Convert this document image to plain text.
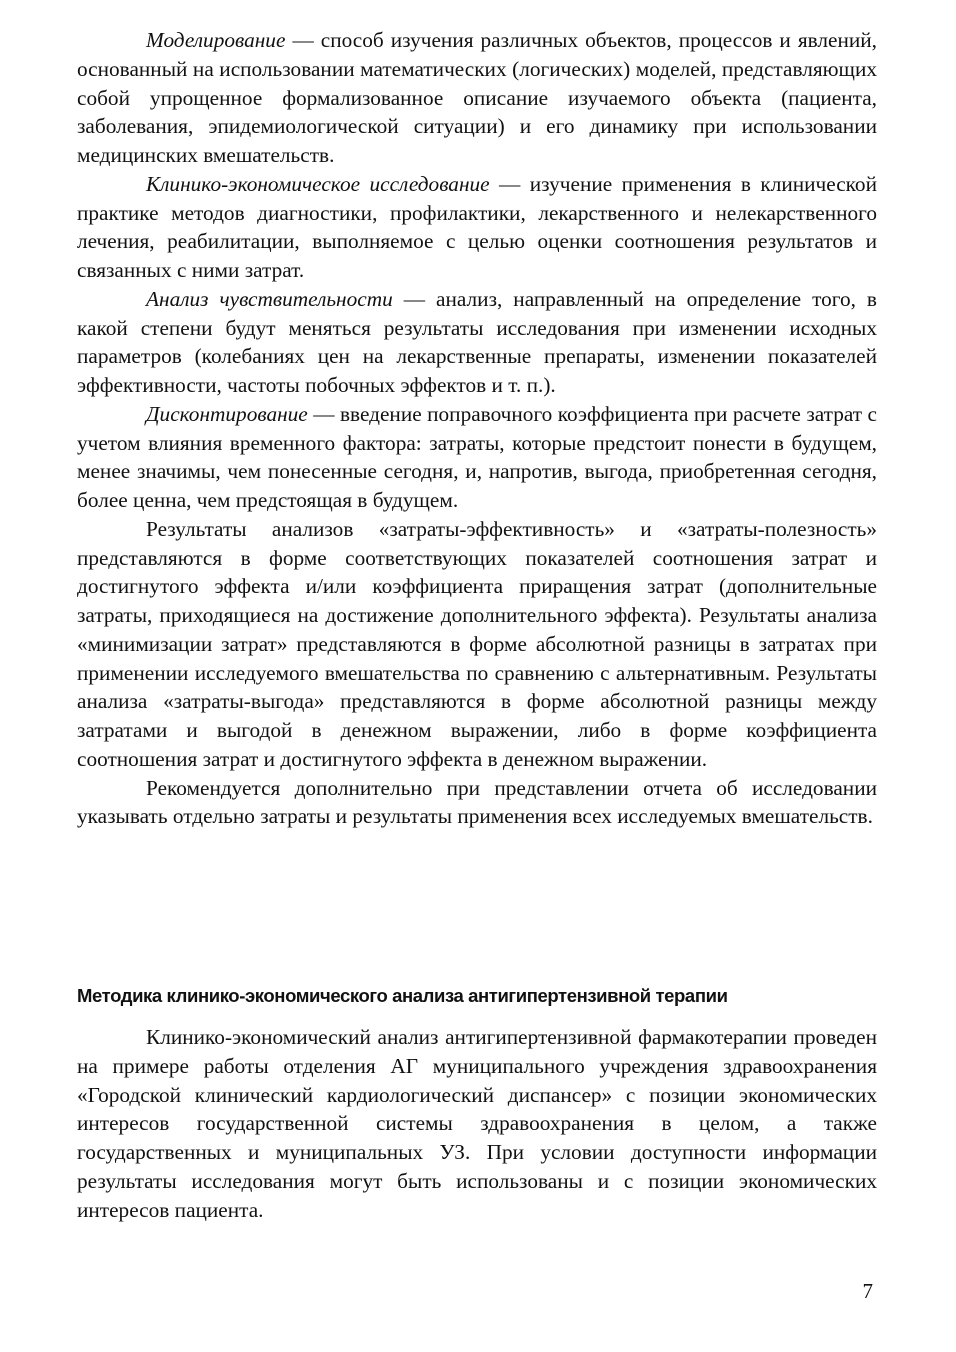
Моделирование — способ изучения различных объектов, процессов и явлений, основанный на использовании математических (логических) моделей, представляющих собой упрощенное формализованное описание изучаемого объекта (пациента, заболевания, эпидемиологической ситуации) и его динамику при использовании медицинских вмешательств.

Клинико-экономическое исследование — изучение применения в клинической практике методов диагностики, профилактики, лекарственного и нелекарственного лечения, реабилитации, выполняемое с целью оценки соотношения результатов и связанных с ними затрат.

Анализ чувствительности — анализ, направленный на определение того, в какой степени будут меняться результаты исследования при изменении исходных параметров (колебаниях цен на лекарственные препараты, изменении показателей эффективности, частоты побочных эффектов и т. п.).

Дисконтирование — введение поправочного коэффициента при расчете затрат с учетом влияния временного фактора: затраты, которые предстоит понести в будущем, менее значимы, чем понесенные сегодня, и, напротив, выгода, приобретенная сегодня, более ценна, чем предстоящая в будущем.

Результаты анализов «затраты-эффективность» и «затраты-полезность» представляются в форме соответствующих показателей соотношения затрат и достигнутого эффекта и/или коэффициента приращения затрат (дополнительные затраты, приходящиеся на достижение дополнительного эффекта). Результаты анализа «минимизации затрат» представляются в форме абсолютной разницы в затратах при применении исследуемого вмешательства по сравнению с альтернативным. Результаты анализа «затраты-выгода» представляются в форме абсолютной разницы между затратами и выгодой в денежном выражении, либо в форме коэффициента соотношения затрат и достигнутого эффекта в денежном выражении.

Рекомендуется дополнительно при представлении отчета об исследовании указывать отдельно затраты и результаты применения всех исследуемых вмешательств.

Методика клинико-экономического анализа антигипертензивной терапии

Клинико-экономический анализ антигипертензивной фармакотерапии проведен на примере работы отделения АГ муниципального учреждения здравоохранения «Городской клинический кардиологический диспансер» с позиции экономических интересов государственной системы здравоохранения в целом, а также государственных и муниципальных УЗ. При условии доступности информации результаты исследования могут быть использованы и с позиции экономических интересов пациента.

7
